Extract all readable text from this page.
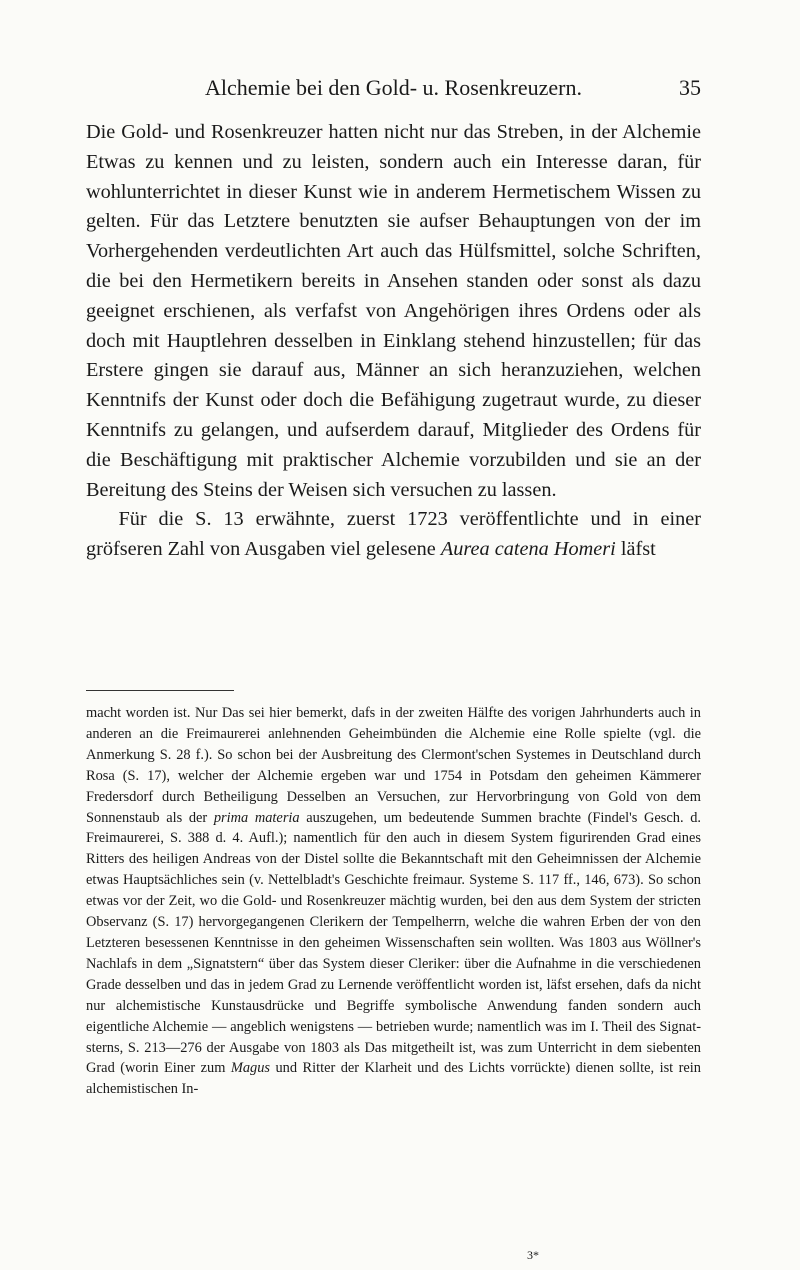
Alchemie bei den Gold- u. Rosenkreuzern.	35

Die Gold- und Rosenkreuzer hatten nicht nur das Streben, in der Alchemie Etwas zu kennen und zu leisten, sondern auch ein Interesse daran, für wohlunterrichtet in dieser Kunst wie in anderem Hermetischem Wissen zu gelten. Für das Letztere benutzten sie aufser Behauptungen von der im Vorhergehenden verdeutlichten Art auch das Hülfsmittel, solche Schriften, die bei den Hermetikern bereits in Ansehen standen oder sonst als dazu geeignet erschienen, als verfafst von Angehörigen ihres Ordens oder als doch mit Hauptlehren desselben in Einklang stehend hinzustellen; für das Erstere gingen sie darauf aus, Männer an sich heranzuziehen, welchen Kenntnifs der Kunst oder doch die Befähigung zugetraut wurde, zu dieser Kenntnifs zu gelangen, und aufserdem darauf, Mitglieder des Ordens für die Beschäftigung mit praktischer Alchemie vorzubilden und sie an der Bereitung des Steins der Weisen sich versuchen zu lassen.

Für die S. 13 erwähnte, zuerst 1723 veröffentlichte und in einer gröfseren Zahl von Ausgaben viel gelesene Aurea catena Homeri läfst

macht worden ist. Nur Das sei hier bemerkt, dafs in der zweiten Hälfte des vorigen Jahrhunderts auch in anderen an die Freimaurerei anlehnenden Geheimbünden die Alchemie eine Rolle spielte (vgl. die Anmerkung S. 28 f.). So schon bei der Ausbreitung des Clermont'schen Systemes in Deutschland durch Rosa (S. 17), welcher der Alchemie ergeben war und 1754 in Potsdam den geheimen Kämmerer Fredersdorf durch Betheiligung Desselben an Versuchen, zur Hervorbringung von Gold von dem Sonnenstaub als der prima materia auszugehen, um bedeutende Summen brachte (Findel's Gesch. d. Freimaurerei, S. 388 d. 4. Aufl.); namentlich für den auch in diesem System figurirenden Grad eines Ritters des heiligen Andreas von der Distel sollte die Bekanntschaft mit den Geheimnissen der Alchemie etwas Hauptsächliches sein (v. Nettelbladt's Geschichte freimaur. Systeme S. 117 ff., 146, 673). So schon etwas vor der Zeit, wo die Gold- und Rosenkreuzer mächtig wurden, bei den aus dem System der stricten Observanz (S. 17) hervorgegangenen Clerikern der Tempelherrn, welche die wahren Erben der von den Letzteren besessenen Kenntnisse in den geheimen Wissenschaften sein wollten. Was 1803 aus Wöllner's Nachlafs in dem „Signatstern“ über das System dieser Cleriker: über die Aufnahme in die verschiedenen Grade desselben und das in jedem Grad zu Lernende veröffentlicht worden ist, läfst ersehen, dafs da nicht nur alchemistische Kunstausdrücke und Begriffe symbolische Anwendung fanden sondern auch eigentliche Alchemie — angeblich wenigstens — betrieben wurde; namentlich was im I. Theil des Signatsterns, S. 213—276 der Ausgabe von 1803 als Das mitgetheilt ist, was zum Unterricht in dem siebenten Grad (worin Einer zum Magus und Ritter der Klarheit und des Lichts vorrückte) dienen sollte, ist rein alchemistischen In-

3*
